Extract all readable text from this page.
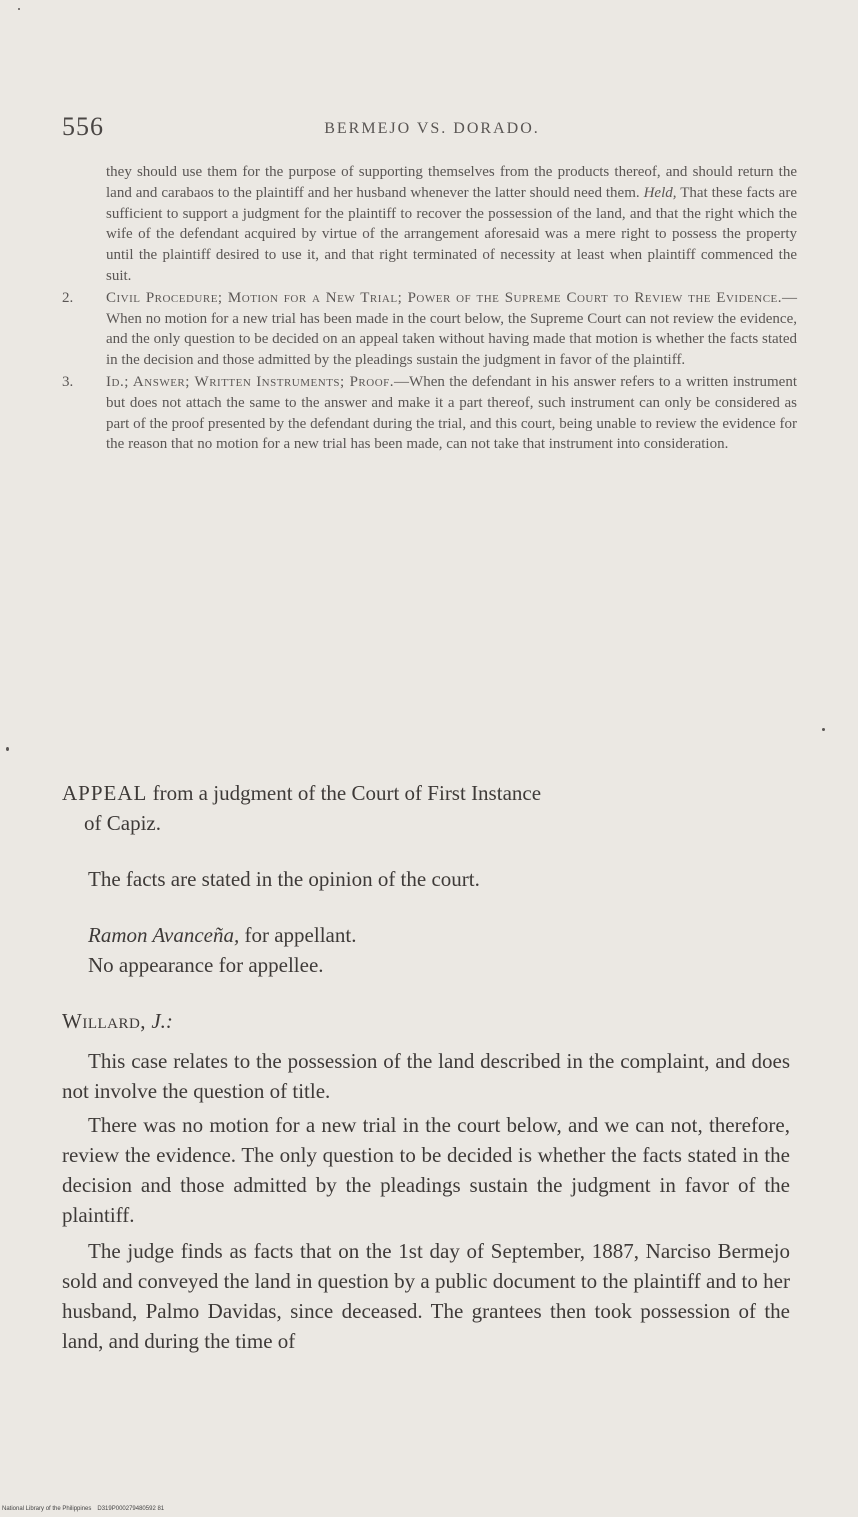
556	BERMEJO VS. DORADO.

they should use them for the purpose of supporting themselves from the products thereof, and should return the land and carabaos to the plaintiff and her husband whenever the latter should need them. Held, That these facts are sufficient to support a judgment for the plaintiff to recover the possession of the land, and that the right which the wife of the defendant acquired by virtue of the arrangement aforesaid was a mere right to possess the property until the plaintiff desired to use it, and that right terminated of necessity at least when plaintiff commenced the suit.

2. Civil Procedure; Motion for a New Trial; Power of the Supreme Court to Review the Evidence.—When no motion for a new trial has been made in the court below, the Supreme Court can not review the evidence, and the only question to be decided on an appeal taken without having made that motion is whether the facts stated in the decision and those admitted by the pleadings sustain the judgment in favor of the plaintiff.

3. Id.; Answer; Written Instruments; Proof.—When the defendant in his answer refers to a written instrument but does not attach the same to the answer and make it a part thereof, such instrument can only be considered as part of the proof presented by the defendant during the trial, and this court, being unable to review the evidence for the reason that no motion for a new trial has been made, can not take that instrument into consideration.

APPEAL from a judgment of the Court of First Instance

of Capiz.

The facts are stated in the opinion of the court.

Ramon Avanceña, for appellant.

No appearance for appellee.

Willard, J.:

This case relates to the possession of the land described in the complaint, and does not involve the question of title.

There was no motion for a new trial in the court below, and we can not, therefore, review the evidence. The only question to be decided is whether the facts stated in the decision and those admitted by the pleadings sustain the judgment in favor of the plaintiff.

The judge finds as facts that on the 1st day of September, 1887, Narciso Bermejo sold and conveyed the land in question by a public document to the plaintiff and to her husband, Palmo Davidas, since deceased. The grantees then took possession of the land, and during the time of

National Library of the Philippines D319P000279480592 81
